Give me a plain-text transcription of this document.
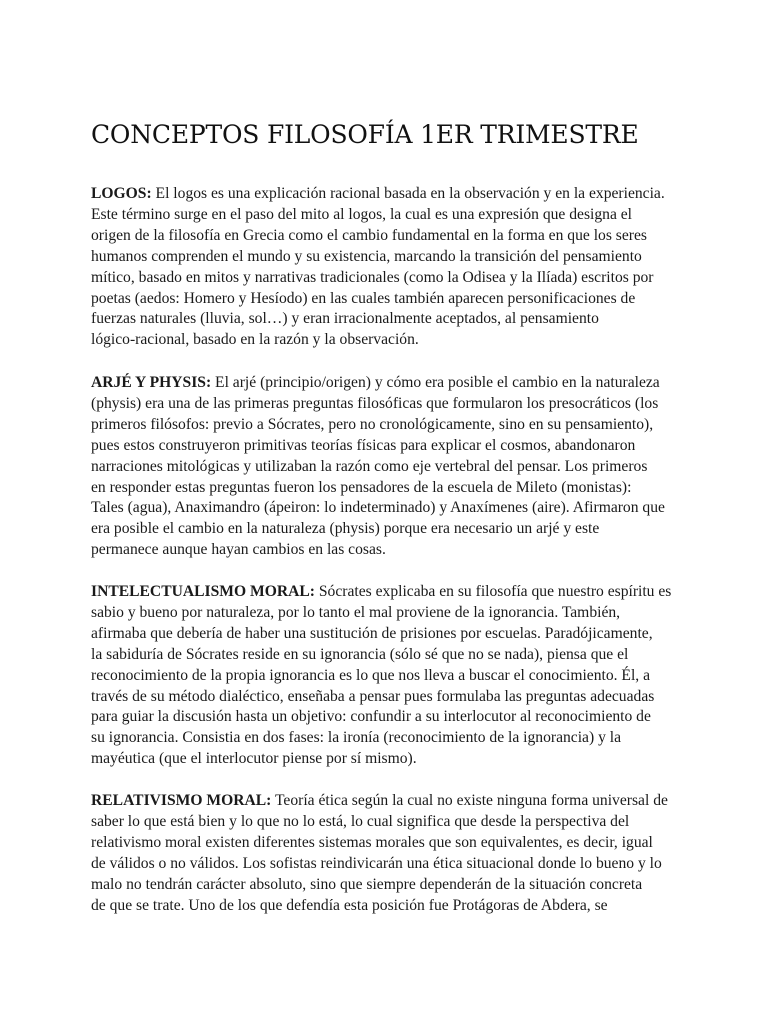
CONCEPTOS FILOSOFÍA 1ER TRIMESTRE
LOGOS: El logos es una explicación racional basada en la observación y en la experiencia.
Este término surge en el paso del mito al logos, la cual es una expresión que designa el
origen de la filosofía en Grecia como el cambio fundamental en la forma en que los seres
humanos comprenden el mundo y su existencia, marcando la transición del pensamiento
mítico, basado en mitos y narrativas tradicionales (como la Odisea y la Ilíada) escritos por
poetas (aedos: Homero y Hesíodo) en las cuales también aparecen personificaciones de
fuerzas naturales (lluvia, sol…) y eran irracionalmente aceptados, al pensamiento
lógico-racional, basado en la razón y la observación.
ARJÉ Y PHYSIS: El arjé (principio/origen) y cómo era posible el cambio en la naturaleza
(physis) era una de las primeras preguntas filosóficas que formularon los presocráticos (los
primeros filósofos: previo a Sócrates, pero no cronológicamente, sino en su pensamiento),
pues estos construyeron primitivas teorías físicas para explicar el cosmos, abandonaron
narraciones mitológicas y utilizaban la razón como eje vertebral del pensar. Los primeros
en responder estas preguntas fueron los pensadores de la escuela de Mileto (monistas):
Tales (agua), Anaximandro (ápeiron: lo indeterminado) y Anaxímenes (aire). Afirmaron que
era posible el cambio en la naturaleza (physis) porque era necesario un arjé y este
permanece aunque hayan cambios en las cosas.
INTELECTUALISMO MORAL: Sócrates explicaba en su filosofía que nuestro espíritu es
sabio y bueno por naturaleza, por lo tanto el mal proviene de la ignorancia. También,
afirmaba que debería de haber una sustitución de prisiones por escuelas. Paradójicamente,
la sabiduría de Sócrates reside en su ignorancia (sólo sé que no se nada), piensa que el
reconocimiento de la propia ignorancia es lo que nos lleva a buscar el conocimiento. Él, a
través de su método dialéctico, enseñaba a pensar pues formulaba las preguntas adecuadas
para guiar la discusión hasta un objetivo: confundir a su interlocutor al reconocimiento de
su ignorancia. Consistia en dos fases: la ironía (reconocimiento de la ignorancia) y la
mayéutica (que el interlocutor piense por sí mismo).
RELATIVISMO MORAL: Teoría ética según la cual no existe ninguna forma universal de
saber lo que está bien y lo que no lo está, lo cual significa que desde la perspectiva del
relativismo moral existen diferentes sistemas morales que son equivalentes, es decir, igual
de válidos o no válidos. Los sofistas reindivicarán una ética situacional donde lo bueno y lo
malo no tendrán carácter absoluto, sino que siempre dependerán de la situación concreta
de que se trate. Uno de los que defendía esta posición fue Protágoras de Abdera, se
